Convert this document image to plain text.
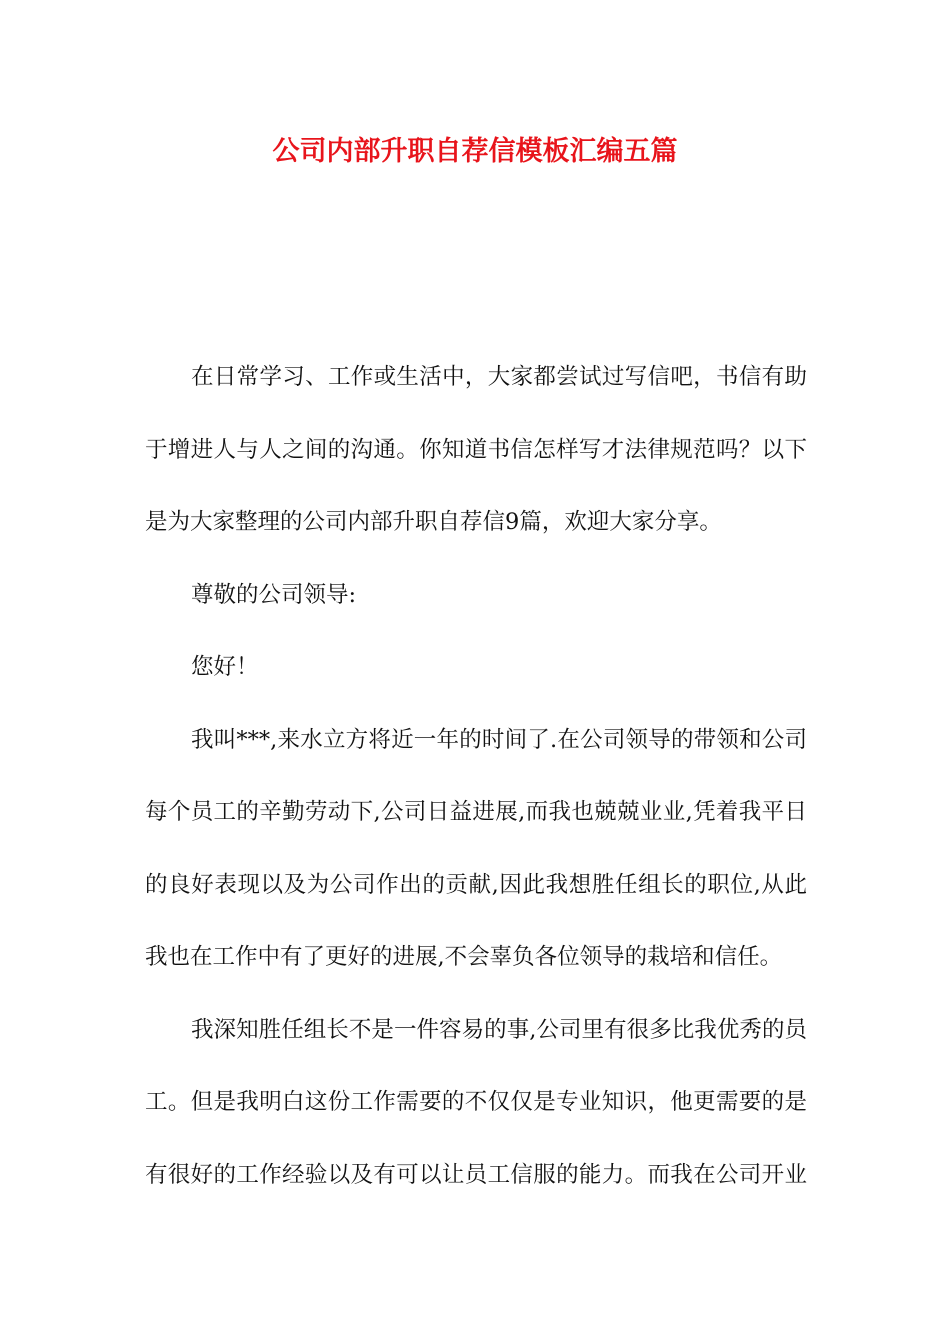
公司内部升职自荐信模板汇编五篇
在日常学习、工作或生活中，大家都尝试过写信吧，书信有助
于增进人与人之间的沟通。你知道书信怎样写才法律规范吗？以下
是为大家整理的公司内部升职自荐信9篇，欢迎大家分享。
尊敬的公司领导:
您好！
我叫***,来水立方将近一年的时间了.在公司领导的带领和公司
每个员工的辛勤劳动下,公司日益进展,而我也兢兢业业,凭着我平日
的良好表现以及为公司作出的贡献,因此我想胜任组长的职位,从此
我也在工作中有了更好的进展,不会辜负各位领导的栽培和信任。
我深知胜任组长不是一件容易的事,公司里有很多比我优秀的员
工。但是我明白这份工作需要的不仅仅是专业知识，他更需要的是
有很好的工作经验以及有可以让员工信服的能力。而我在公司开业
